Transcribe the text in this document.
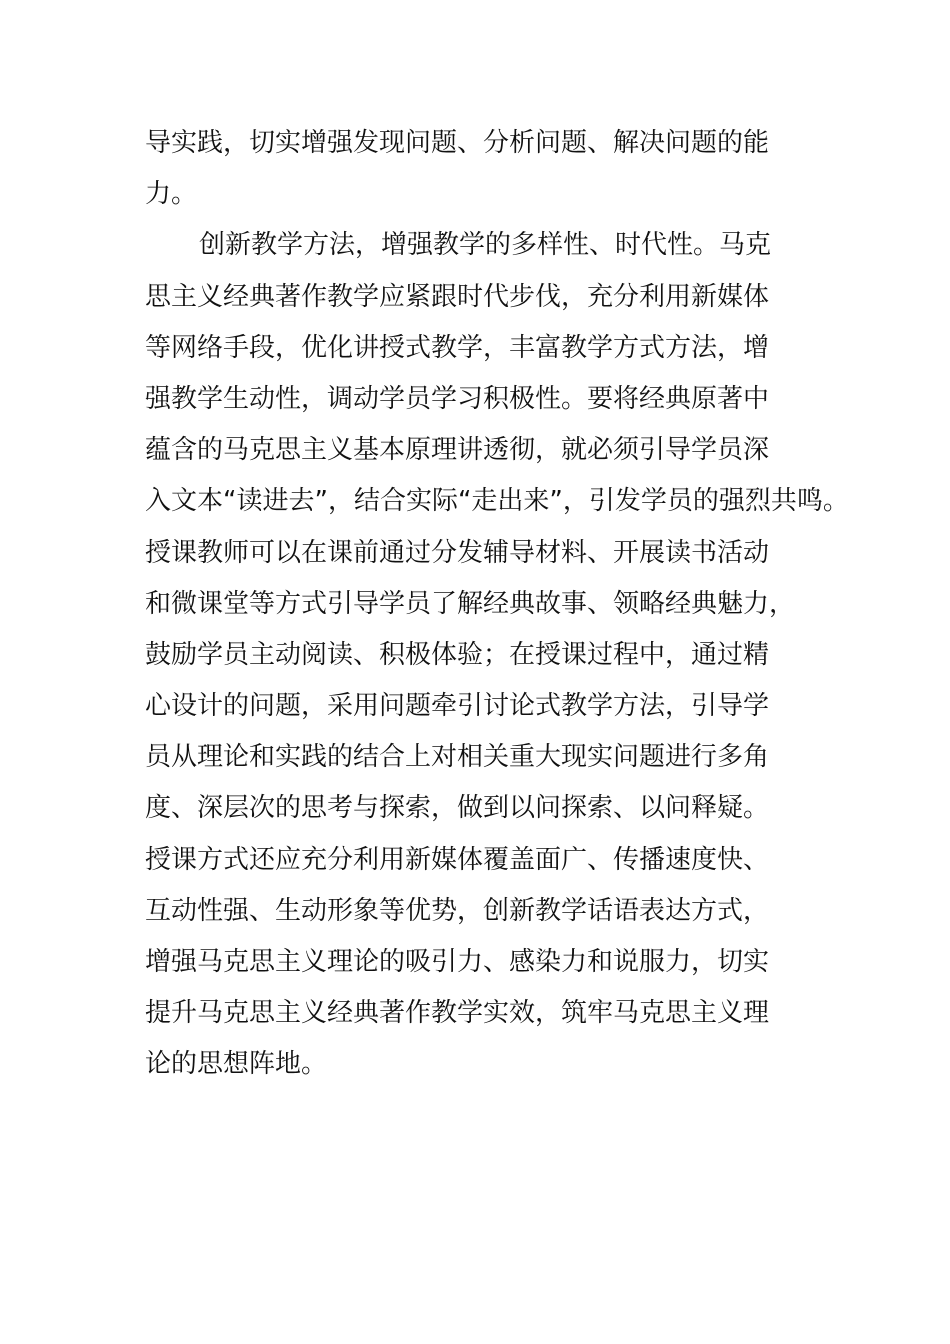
导实践，切实增强发现问题、分析问题、解决问题的能
力。
创新教学方法，增强教学的多样性、时代性。马克
思主义经典著作教学应紧跟时代步伐，充分利用新媒体
等网络手段，优化讲授式教学，丰富教学方式方法，增
强教学生动性，调动学员学习积极性。要将经典原著中
蕴含的马克思主义基本原理讲透彻，就必须引导学员深
入文本“读进去”，结合实际“走出来”，引发学员的强烈共鸣。
授课教师可以在课前通过分发辅导材料、开展读书活动
和微课堂等方式引导学员了解经典故事、领略经典魅力，
鼓励学员主动阅读、积极体验；在授课过程中，通过精
心设计的问题，采用问题牵引讨论式教学方法，引导学
员从理论和实践的结合上对相关重大现实问题进行多角
度、深层次的思考与探索，做到以问探索、以问释疑。
授课方式还应充分利用新媒体覆盖面广、传播速度快、
互动性强、生动形象等优势，创新教学话语表达方式，
增强马克思主义理论的吸引力、感染力和说服力，切实
提升马克思主义经典著作教学实效，筑牢马克思主义理
论的思想阵地。
